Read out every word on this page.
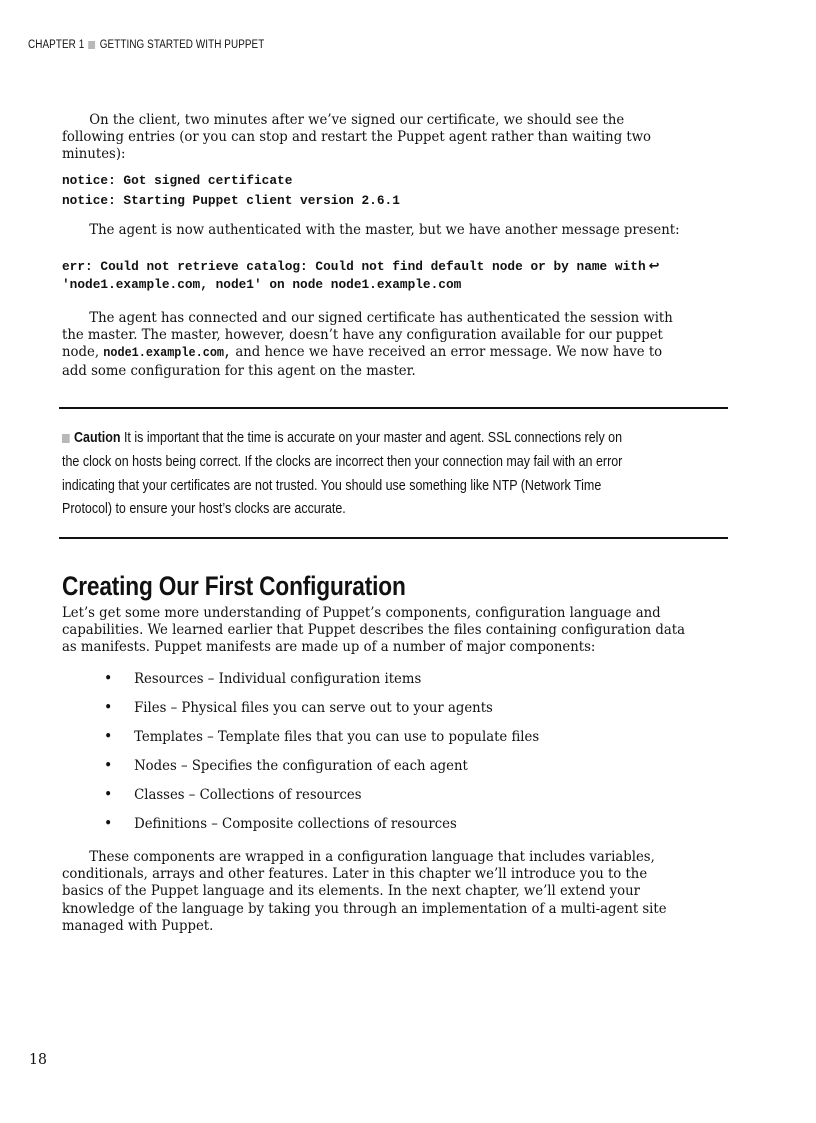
CHAPTER 1 GETTING STARTED WITH PUPPET

On the client, two minutes after we’ve signed our certificate, we should see the following entries (or you can stop and restart the Puppet agent rather than waiting two minutes):

notice: Got signed certificate
notice: Starting Puppet client version 2.6.1

The agent is now authenticated with the master, but we have another message present:

err: Could not retrieve catalog: Could not find default node or by name with ↩
'node1.example.com, node1' on node node1.example.com

The agent has connected and our signed certificate has authenticated the session with the master. The master, however, doesn’t have any configuration available for our puppet node, node1.example.com, and hence we have received an error message. We now have to add some configuration for this agent on the master.

Caution It is important that the time is accurate on your master and agent. SSL connections rely on the clock on hosts being correct. If the clocks are incorrect then your connection may fail with an error indicating that your certificates are not trusted. You should use something like NTP (Network Time Protocol) to ensure your host’s clocks are accurate.

Creating Our First Configuration

Let’s get some more understanding of Puppet’s components, configuration language and capabilities. We learned earlier that Puppet describes the files containing configuration data as manifests. Puppet manifests are made up of a number of major components:

• Resources – Individual configuration items
• Files – Physical files you can serve out to your agents
• Templates – Template files that you can use to populate files
• Nodes – Specifies the configuration of each agent
• Classes – Collections of resources
• Definitions – Composite collections of resources

These components are wrapped in a configuration language that includes variables, conditionals, arrays and other features. Later in this chapter we’ll introduce you to the basics of the Puppet language and its elements. In the next chapter, we’ll extend your knowledge of the language by taking you through an implementation of a multi-agent site managed with Puppet.

18
